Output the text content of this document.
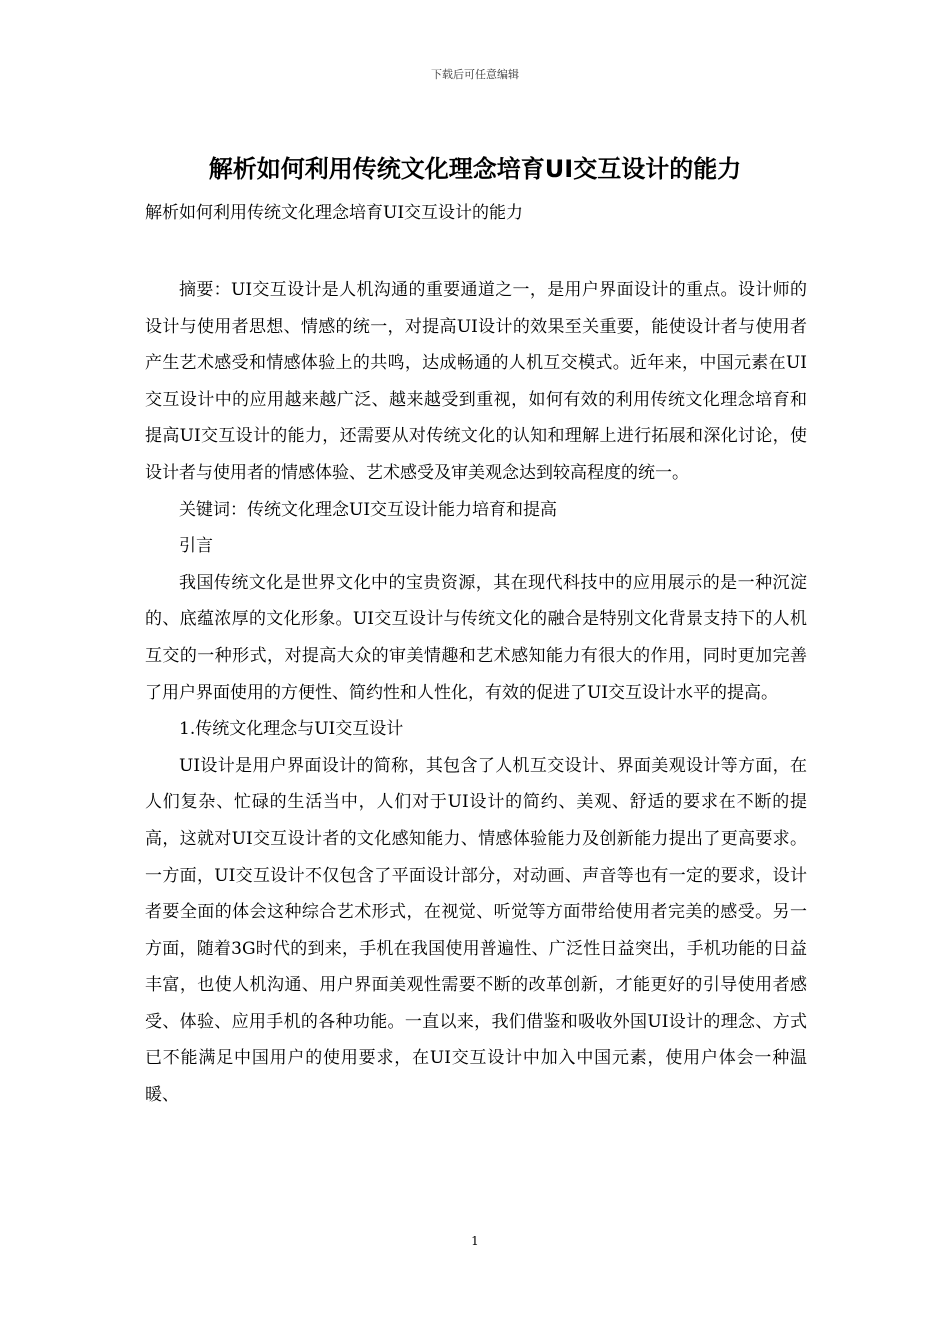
下载后可任意编辑
解析如何利用传统文化理念培育UI交互设计的能力
解析如何利用传统文化理念培育UI交互设计的能力

摘要：UI交互设计是人机沟通的重要通道之一，是用户界面设计的重点。设计师的设计与使用者思想、情感的统一，对提高UI设计的效果至关重要，能使设计者与使用者产生艺术感受和情感体验上的共鸣，达成畅通的人机互交模式。近年来，中国元素在UI交互设计中的应用越来越广泛、越来越受到重视，如何有效的利用传统文化理念培育和提高UI交互设计的能力，还需要从对传统文化的认知和理解上进行拓展和深化讨论，使设计者与使用者的情感体验、艺术感受及审美观念达到较高程度的统一。

关键词：传统文化理念UI交互设计能力培育和提高

引言

我国传统文化是世界文化中的宝贵资源，其在现代科技中的应用展示的是一种沉淀的、底蕴浓厚的文化形象。UI交互设计与传统文化的融合是特别文化背景支持下的人机互交的一种形式，对提高大众的审美情趣和艺术感知能力有很大的作用，同时更加完善了用户界面使用的方便性、简约性和人性化，有效的促进了UI交互设计水平的提高。

1.传统文化理念与UI交互设计

UI设计是用户界面设计的简称，其包含了人机互交设计、界面美观设计等方面，在人们复杂、忙碌的生活当中，人们对于UI设计的简约、美观、舒适的要求在不断的提高，这就对UI交互设计者的文化感知能力、情感体验能力及创新能力提出了更高要求。一方面，UI交互设计不仅包含了平面设计部分，对动画、声音等也有一定的要求，设计者要全面的体会这种综合艺术形式，在视觉、听觉等方面带给使用者完美的感受。另一方面，随着3G时代的到来，手机在我国使用普遍性、广泛性日益突出，手机功能的日益丰富，也使人机沟通、用户界面美观性需要不断的改革创新，才能更好的引导使用者感受、体验、应用手机的各种功能。一直以来，我们借鉴和吸收外国UI设计的理念、方式已不能满足中国用户的使用要求，在UI交互设计中加入中国元素，使用户体会一种温暖、

1
